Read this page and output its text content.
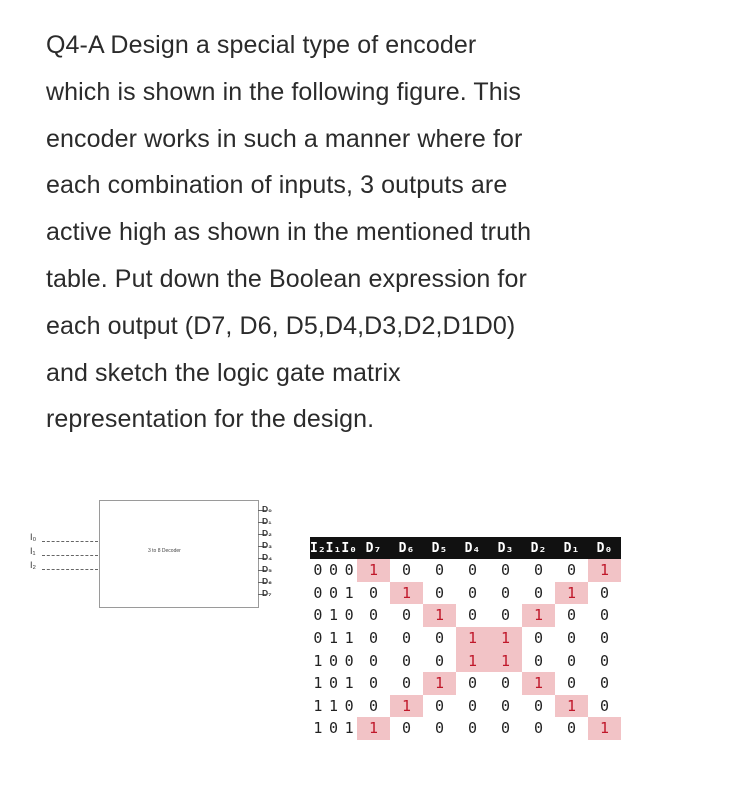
Q4-A Design a special type of encoder
which is shown in the following figure. This
encoder works in such a manner where for
each combination of inputs, 3 outputs are
active high as shown in the mentioned truth
table. Put down the Boolean expression for
each output (D7, D6, D5,D4,D3,D2,D1D0)
and sketch the logic gate matrix
representation for the design.
3 to 8 Decoder
I₀
I₁
I₂
D₀
D₁
D₂
D₃
D₄
D₅
D₆
D₇
I₂	I₁	I₀	D₇	D₆	D₅	D₄	D₃	D₂	D₁	D₀
0	0	0	1	0	0	0	0	0	0	1
0	0	1	0	1	0	0	0	0	1	0
0	1	0	0	0	1	0	0	1	0	0
0	1	1	0	0	0	1	1	0	0	0
1	0	0	0	0	0	1	1	0	0	0
1	0	1	0	0	1	0	0	1	0	0
1	1	0	0	1	0	0	0	0	1	0
1	0	1	1	0	0	0	0	0	0	1
